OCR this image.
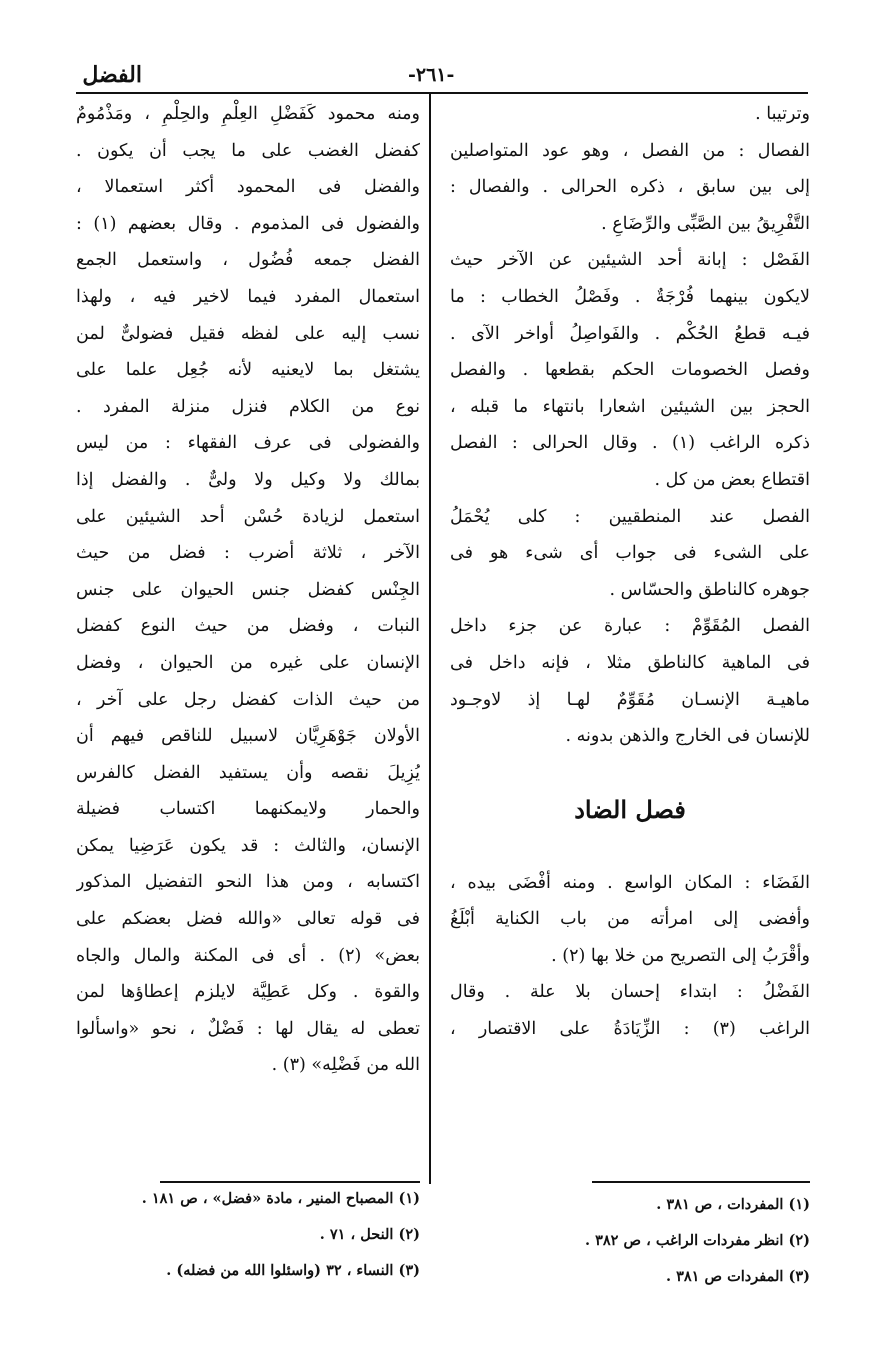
الفضل	-٢٦١-
وترتيبا .
الفصال : من الفصل ، وهو عود المتواصلين
إلى بين سابق ، ذكره الحرالى . والفصال :
التَّفْرِيقُ بين الصَّبِّى والرِّضَاعِ .
الفَصْل : إبانة أحد الشيئين عن الآخر حيث
لايكون بينهما فُرْجَةٌ . وفَصْلُ الخطاب : ما
فيـه قطعُ الحُكْم . والفَواصِلُ أواخر الآى .
وفصل الخصومات الحكم بقطعها . والفصل
الحجز بين الشيئين اشعارا بانتهاء ما قبله ،
ذكره الراغب (١) . وقال الحرالى : الفصل
اقتطاع بعض من كل .
الفصل عند المنطقيين : كلى يُحْمَلُ
على الشىء فى جواب أى شىء هو فى
جوهره كالناطق والحسّاس .
الفصل المُقَوِّمْ : عبارة عن جزء داخل
فى الماهية كالناطق مثلا ، فإنه داخل فى
ماهيـة الإنسـان مُقَوِّمٌ لهـا إذ لاوجـود
للإنسان فى الخارج والذهن بدونه .
فصل الضاد
الفَضَاء : المكان الواسع . ومنه أفْضَى بيده ،
وأفضى إلى امرأته من باب الكناية أبْلَغُ
وأقْرَبُ إلى التصريح من خلا بها (٢) .
الفَضْلُ : ابتداء إحسان بلا علة . وقال
الراغب (٣) : الزِّيَادَةُ على الاقتصار ،
ومنه محمود كَفَضْلِ العِلْمِ والحِلْمِ ، ومَذْمُومٌ
كفضل الغضب على ما يجب أن يكون .
والفضل فى المحمود أكثر استعمالا ،
والفضول فى المذموم . وقال بعضهم (١) :
الفضل جمعه فُضُول ، واستعمل الجمع
استعمال المفرد فيما لاخير فيه ، ولهذا
نسب إليه على لفظه فقيل فضولىٌّ لمن
يشتغل بما لايعنيه لأنه جُعِل علما على
نوع من الكلام فنزل منزلة المفرد .
والفضولى فى عرف الفقهاء : من ليس
بمالك ولا وكيل ولا ولىٌّ . والفضل إذا
استعمل لزيادة حُسْن أحد الشيئين على
الآخر ، ثلاثة أضرب : فضل من حيث
الجِنْس كفضل جنس الحيوان على جنس
النبات ، وفضل من حيث النوع كفضل
الإنسان على غيره من الحيوان ، وفضل
من حيث الذات كفضل رجل على آخر ،
الأولان جَوْهَرِيَّان لاسبيل للناقص فيهم أن
يُزِيلَ نقصه وأن يستفيد الفضل كالفرس
والحمار ولايمكنهما اكتساب فضيلة
الإنسان، والثالث : قد يكون عَرَضِيا يمكن
اكتسابه ، ومن هذا النحو التفضيل المذكور
فى قوله تعالى «والله فضل بعضكم على
بعض» (٢) . أى فى المكنة والمال والجاه
والقوة . وكل عَطِيَّة لايلزم إعطاؤها لمن
تعطى له يقال لها : فَضْلٌ ، نحو «واسألوا
الله من فَضْلِه» (٣) .
(١) المفردات ، ص ٣٨١ .
(٢) انظر مفردات الراغب ، ص ٣٨٢ .
(٣) المفردات ص ٣٨١ .
(١) المصباح المنير ، مادة «فضل» ، ص ١٨١ .
(٢) النحل ، ٧١ .
(٣) النساء ، ٣٢ (واسئلوا الله من فضله) .
